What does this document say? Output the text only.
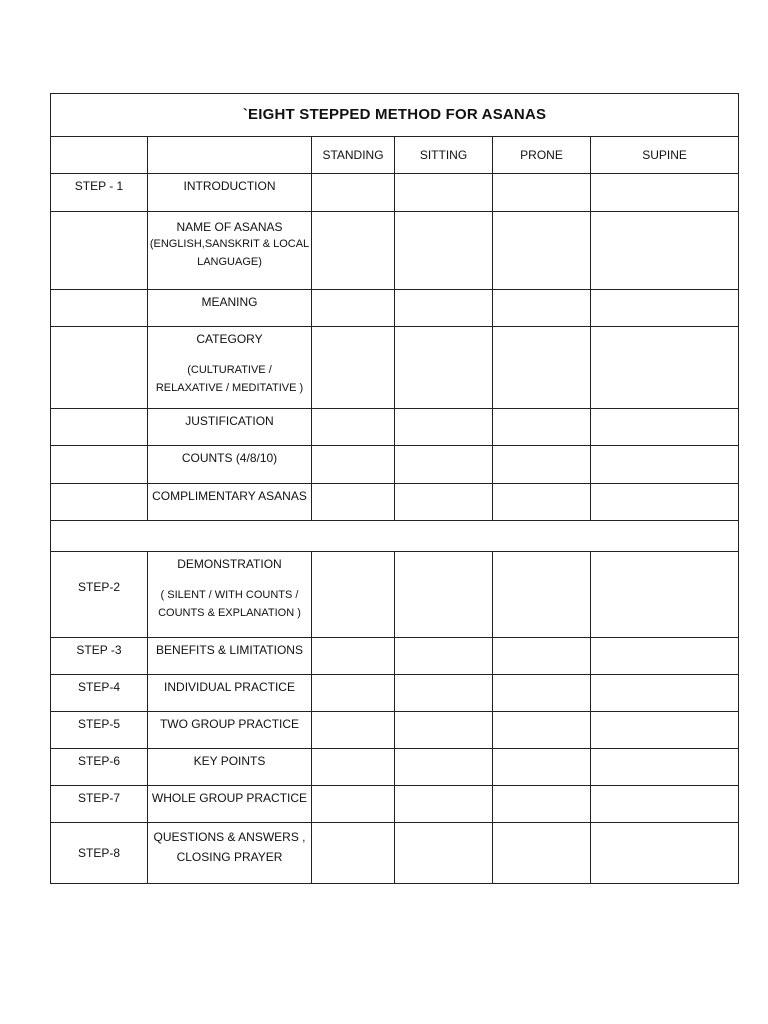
`EIGHT STEPPED METHOD FOR ASANAS					
		STANDING	SITTING	PRONE	SUPINE

STEP - 1	INTRODUCTION				

	NAME OF ASANAS
(ENGLISH,SANSKRIT & LOCAL
LANGUAGE)				

	MEANING				

	CATEGORY
(CULTURATIVE /
RELAXATIVE / MEDITATIVE )				

	JUSTIFICATION				

	COUNTS (4/8/10)				

	COMPLIMENTARY ASANAS				

STEP-2	DEMONSTRATION
( SILENT / WITH COUNTS /
COUNTS & EXPLANATION )				

STEP -3	BENEFITS & LIMITATIONS				

STEP-4	INDIVIDUAL PRACTICE				

STEP-5	TWO GROUP PRACTICE				

STEP-6	KEY POINTS				

STEP-7	WHOLE GROUP PRACTICE				

STEP-8	QUESTIONS & ANSWERS ,
CLOSING PRAYER				
